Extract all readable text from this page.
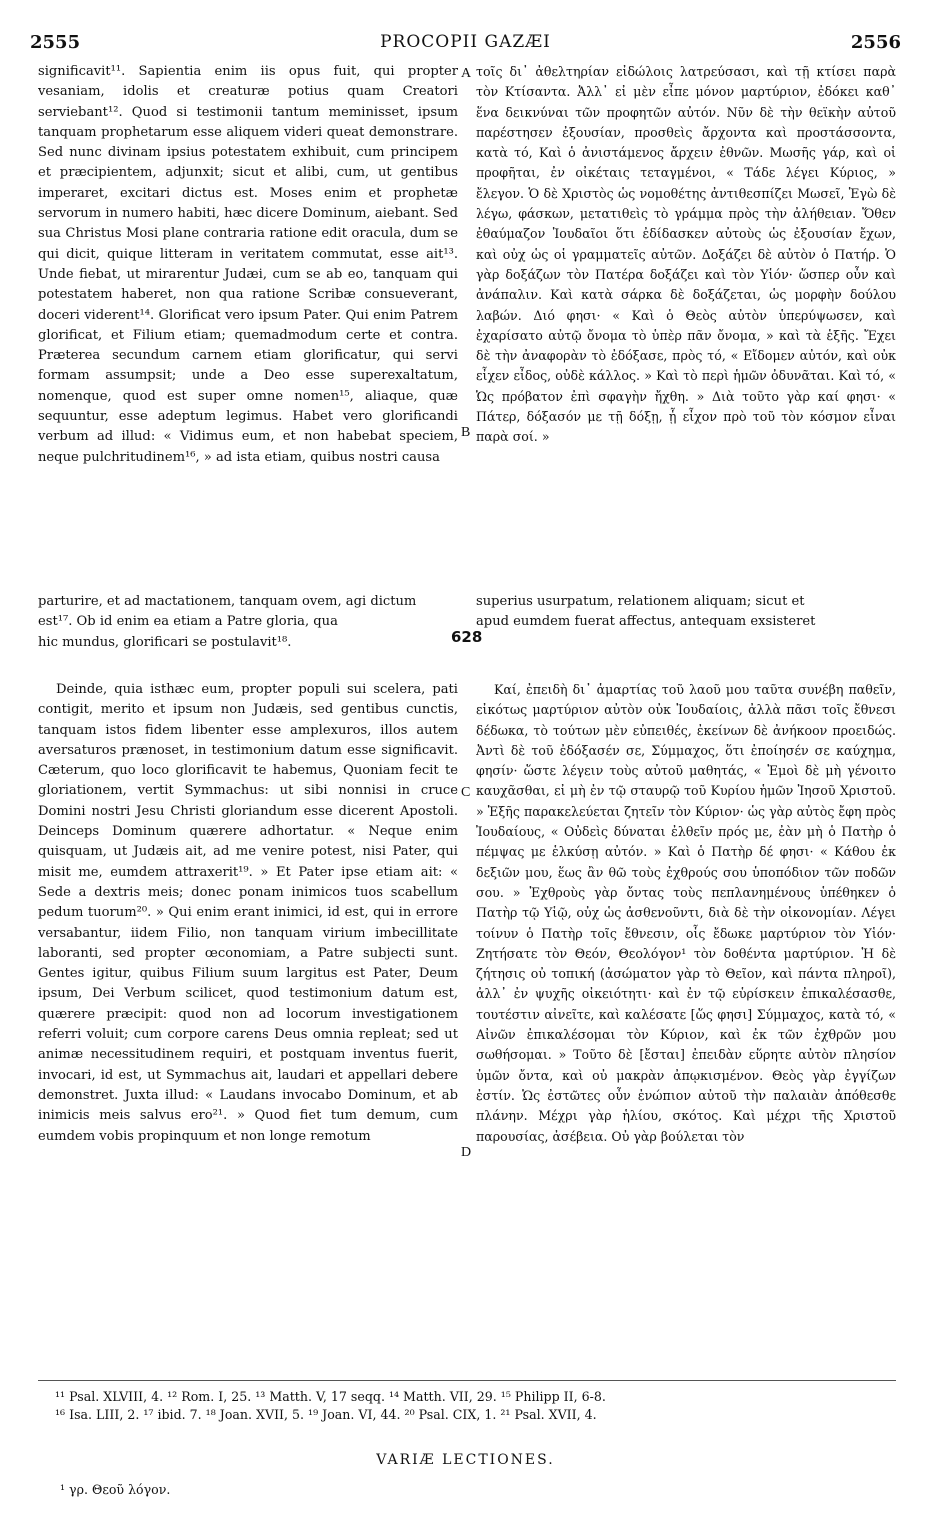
2555	PROCOPII GAZÆI	2556

significavit¹¹. Sapientia enim iis opus fuit, qui propter vesaniam, idolis et creaturæ potius quam Creatori serviebant¹². Quod si testimonii tantum meminisset, ipsum tanquam prophetarum esse aliquem videri queat demonstrare. Sed nunc divinam ipsius potestatem exhibuit, cum principem et præcipientem, adjunxit; sicut et alibi, cum, ut gentibus imperaret, excitari dictus est. Moses enim et prophetæ servorum in numero habiti, hæc dicere Dominum, aiebant. Sed sua Christus Mosi plane contraria ratione edit oracula, dum se qui dicit, quique litteram in veritatem commutat, esse ait¹³. Unde fiebat, ut mirarentur Judæi, cum se ab eo, tanquam qui potestatem haberet, non qua ratione Scribæ consueverant, doceri viderent¹⁴. Glorificat vero ipsum Pater. Qui enim Patrem glorificat, et Filium etiam; quemadmodum certe et contra. Præterea secundum carnem etiam glorificatur, qui servi formam assumpsit; unde a Deo esse superexaltatum, nomenque, quod est super omne nomen¹⁵, aliaque, quæ sequuntur, esse adeptum legimus. Habet vero glorificandi verbum ad illud: « Vidimus eum, et non habebat speciem, neque pulchritudinem¹⁶, » ad ista etiam, quibus nostri causa

τοῖς δι᾽ ἀθελτηρίαν εἰδώλοις λατρεύσασι, καὶ τῇ κτίσει παρὰ τὸν Κτίσαντα. Ἀλλ᾽ εἰ μὲν εἶπε μόνον μαρτύριον, ἐδόκει καθ᾽ ἕνα δεικνύναι τῶν προφητῶν αὐτόν. Νῦν δὲ τὴν θεϊκὴν αὐτοῦ παρέστησεν ἐξουσίαν, προσθεὶς ἄρχοντα καὶ προστάσσοντα, κατὰ τό, Καὶ ὁ ἀνιστάμενος ἄρχειν ἐθνῶν. Μωσῆς γάρ, καὶ οἱ προφῆται, ἐν οἰκέταις τεταγμένοι, « Τάδε λέγει Κύριος, » ἔλεγον. Ὁ δὲ Χριστὸς ὡς νομοθέτης ἀντιθεσπίζει Μωσεῖ, Ἐγὼ δὲ λέγω, φάσκων, μετατιθεὶς τὸ γράμμα πρὸς τὴν ἀλήθειαν. Ὅθεν ἐθαύμαζον Ἰουδαῖοι ὅτι ἐδίδασκεν αὐτοὺς ὡς ἐξουσίαν ἔχων, καὶ οὐχ ὡς οἱ γραμματεῖς αὐτῶν. Δοξάζει δὲ αὐτὸν ὁ Πατήρ. Ὁ γὰρ δοξάζων τὸν Πατέρα δοξάζει καὶ τὸν Υἱόν· ὥσπερ οὖν καὶ ἀνάπαλιν. Καὶ κατὰ σάρκα δὲ δοξάζεται, ὡς μορφὴν δούλου λαβών. Διό φησι· « Καὶ ὁ Θεὸς αὐτὸν ὑπερύψωσεν, καὶ ἐχαρίσατο αὐτῷ ὄνομα τὸ ὑπὲρ πᾶν ὄνομα, » καὶ τὰ ἑξῆς. Ἔχει δὲ τὴν ἀναφορὰν τὸ ἐδόξασε, πρὸς τό, « Εἴδομεν αὐτόν, καὶ οὐκ εἶχεν εἶδος, οὐδὲ κάλλος. » Καὶ τὸ περὶ ἡμῶν ὀδυνᾶται. Καὶ τό, « Ὡς πρόβατον ἐπὶ σφαγὴν ἤχθη. » Διὰ τοῦτο γὰρ καί φησι· « Πάτερ, δόξασόν με τῇ δόξῃ, ᾗ εἶχον πρὸ τοῦ τὸν κόσμον εἶναι παρὰ σοί. »

A
B
parturire, et ad mactationem, tanquam ovem, agi dictum	superius usurpatum, relationem aliquam; sicut et
est¹⁷. Ob id enim ea etiam a Patre gloria, qua	apud eumdem fuerat affectus, antequam exsisteret
hic mundus, glorificari se postulavit¹⁸.	628

Deinde, quia isthæc eum, propter populi sui scelera, pati contigit, merito et ipsum non Judæis, sed gentibus cunctis, tanquam istos fidem libenter esse amplexuros, illos autem aversaturos prænoset, in testimonium datum esse significavit. Cæterum, quo loco glorificavit te habemus, Quoniam fecit te gloriationem, vertit Symmachus: ut sibi nonnisi in cruce Domini nostri Jesu Christi gloriandum esse dicerent Apostoli. Deinceps Dominum quærere adhortatur. « Neque enim quisquam, ut Judæis ait, ad me venire potest, nisi Pater, qui misit me, eumdem attraxerit¹⁹. » Et Pater ipse etiam ait: « Sede a dextris meis; donec ponam inimicos tuos scabellum pedum tuorum²⁰. » Qui enim erant inimici, id est, qui in errore versabantur, iidem Filio, non tanquam virium imbecillitate laboranti, sed propter œconomiam, a Patre subjecti sunt. Gentes igitur, quibus Filium suum largitus est Pater, Deum ipsum, Dei Verbum scilicet, quod testimonium datum est, quærere præcipit: quod non ad locorum investigationem referri voluit; cum corpore carens Deus omnia repleat; sed ut animæ necessitudinem requiri, et postquam inventus fuerit, invocari, id est, ut Symmachus ait, laudari et appellari debere demonstret. Juxta illud: « Laudans invocabo Dominum, et ab inimicis meis salvus ero²¹. » Quod fiet tum demum, cum eumdem vobis propinquum et non longe remotum

Καί, ἐπειδὴ δι᾽ ἁμαρτίας τοῦ λαοῦ μου ταῦτα συνέβη παθεῖν, εἰκότως μαρτύριον αὐτὸν οὐκ Ἰουδαίοις, ἀλλὰ πᾶσι τοῖς ἔθνεσι δέδωκα, τὸ τούτων μὲν εὐπειθές, ἐκείνων δὲ ἀνήκοον προειδώς. Ἀντὶ δὲ τοῦ ἐδόξασέν σε, Σύμμαχος, ὅτι ἐποίησέν σε καύχημα, φησίν· ὥστε λέγειν τοὺς αὐτοῦ μαθητάς, « Ἐμοὶ δὲ μὴ γένοιτο καυχᾶσθαι, εἰ μὴ ἐν τῷ σταυρῷ τοῦ Κυρίου ἡμῶν Ἰησοῦ Χριστοῦ. » Ἑξῆς παρακελεύεται ζητεῖν τὸν Κύριον· ὡς γὰρ αὐτὸς ἔφη πρὸς Ἰουδαίους, « Οὐδεὶς δύναται ἐλθεῖν πρός με, ἐὰν μὴ ὁ Πατὴρ ὁ πέμψας με ἑλκύσῃ αὐτόν. » Καὶ ὁ Πατὴρ δέ φησι· « Κάθου ἐκ δεξιῶν μου, ἕως ἂν θῶ τοὺς ἐχθρούς σου ὑποπόδιον τῶν ποδῶν σου. » Ἐχθροὺς γὰρ ὄντας τοὺς πεπλανημένους ὑπέθηκεν ὁ Πατὴρ τῷ Υἱῷ, οὐχ ὡς ἀσθενοῦντι, διὰ δὲ τὴν οἰκονομίαν. Λέγει τοίνυν ὁ Πατὴρ τοῖς ἔθνεσιν, οἷς ἔδωκε μαρτύριον τὸν Υἱόν· Ζητήσατε τὸν Θεόν, Θεολόγον¹ τὸν δοθέντα μαρτύριον. Ἡ δὲ ζήτησις οὐ τοπική (ἀσώματον γὰρ τὸ Θεῖον, καὶ πάντα πληροῖ), ἀλλ᾽ ἐν ψυχῆς οἰκειότητι· καὶ ἐν τῷ εὑρίσκειν ἐπικαλέσασθε, τουτέστιν αἰνεῖτε, καὶ καλέσατε [ὥς φησι] Σύμμαχος, κατὰ τό, « Αἰνῶν ἐπικαλέσομαι τὸν Κύριον, καὶ ἐκ τῶν ἐχθρῶν μου σωθήσομαι. » Τοῦτο δὲ [ἔσται] ἐπειδὰν εὕρητε αὐτὸν πλησίον ὑμῶν ὄντα, καὶ οὐ μακρὰν ἀπῳκισμένον. Θεὸς γὰρ ἐγγίζων ἐστίν. Ὡς ἐστῶτες οὖν ἐνώπιον αὐτοῦ τὴν παλαιὰν ἀπόθεσθε πλάνην. Μέχρι γὰρ ἡλίου, σκότος. Καὶ μέχρι τῆς Χριστοῦ παρουσίας, ἀσέβεια. Οὐ γὰρ βούλεται τὸν

C
D
¹¹ Psal. XLVIII, 4. ¹² Rom. I, 25. ¹³ Matth. V, 17 seqq. ¹⁴ Matth. VII, 29. ¹⁵ Philipp II, 6-8.
¹⁶ Isa. LIII, 2. ¹⁷ ibid. 7. ¹⁸ Joan. XVII, 5. ¹⁹ Joan. VI, 44. ²⁰ Psal. CIX, 1. ²¹ Psal. XVII, 4.
VARIÆ LECTIONES.
¹ γρ. Θεοῦ λόγον.
